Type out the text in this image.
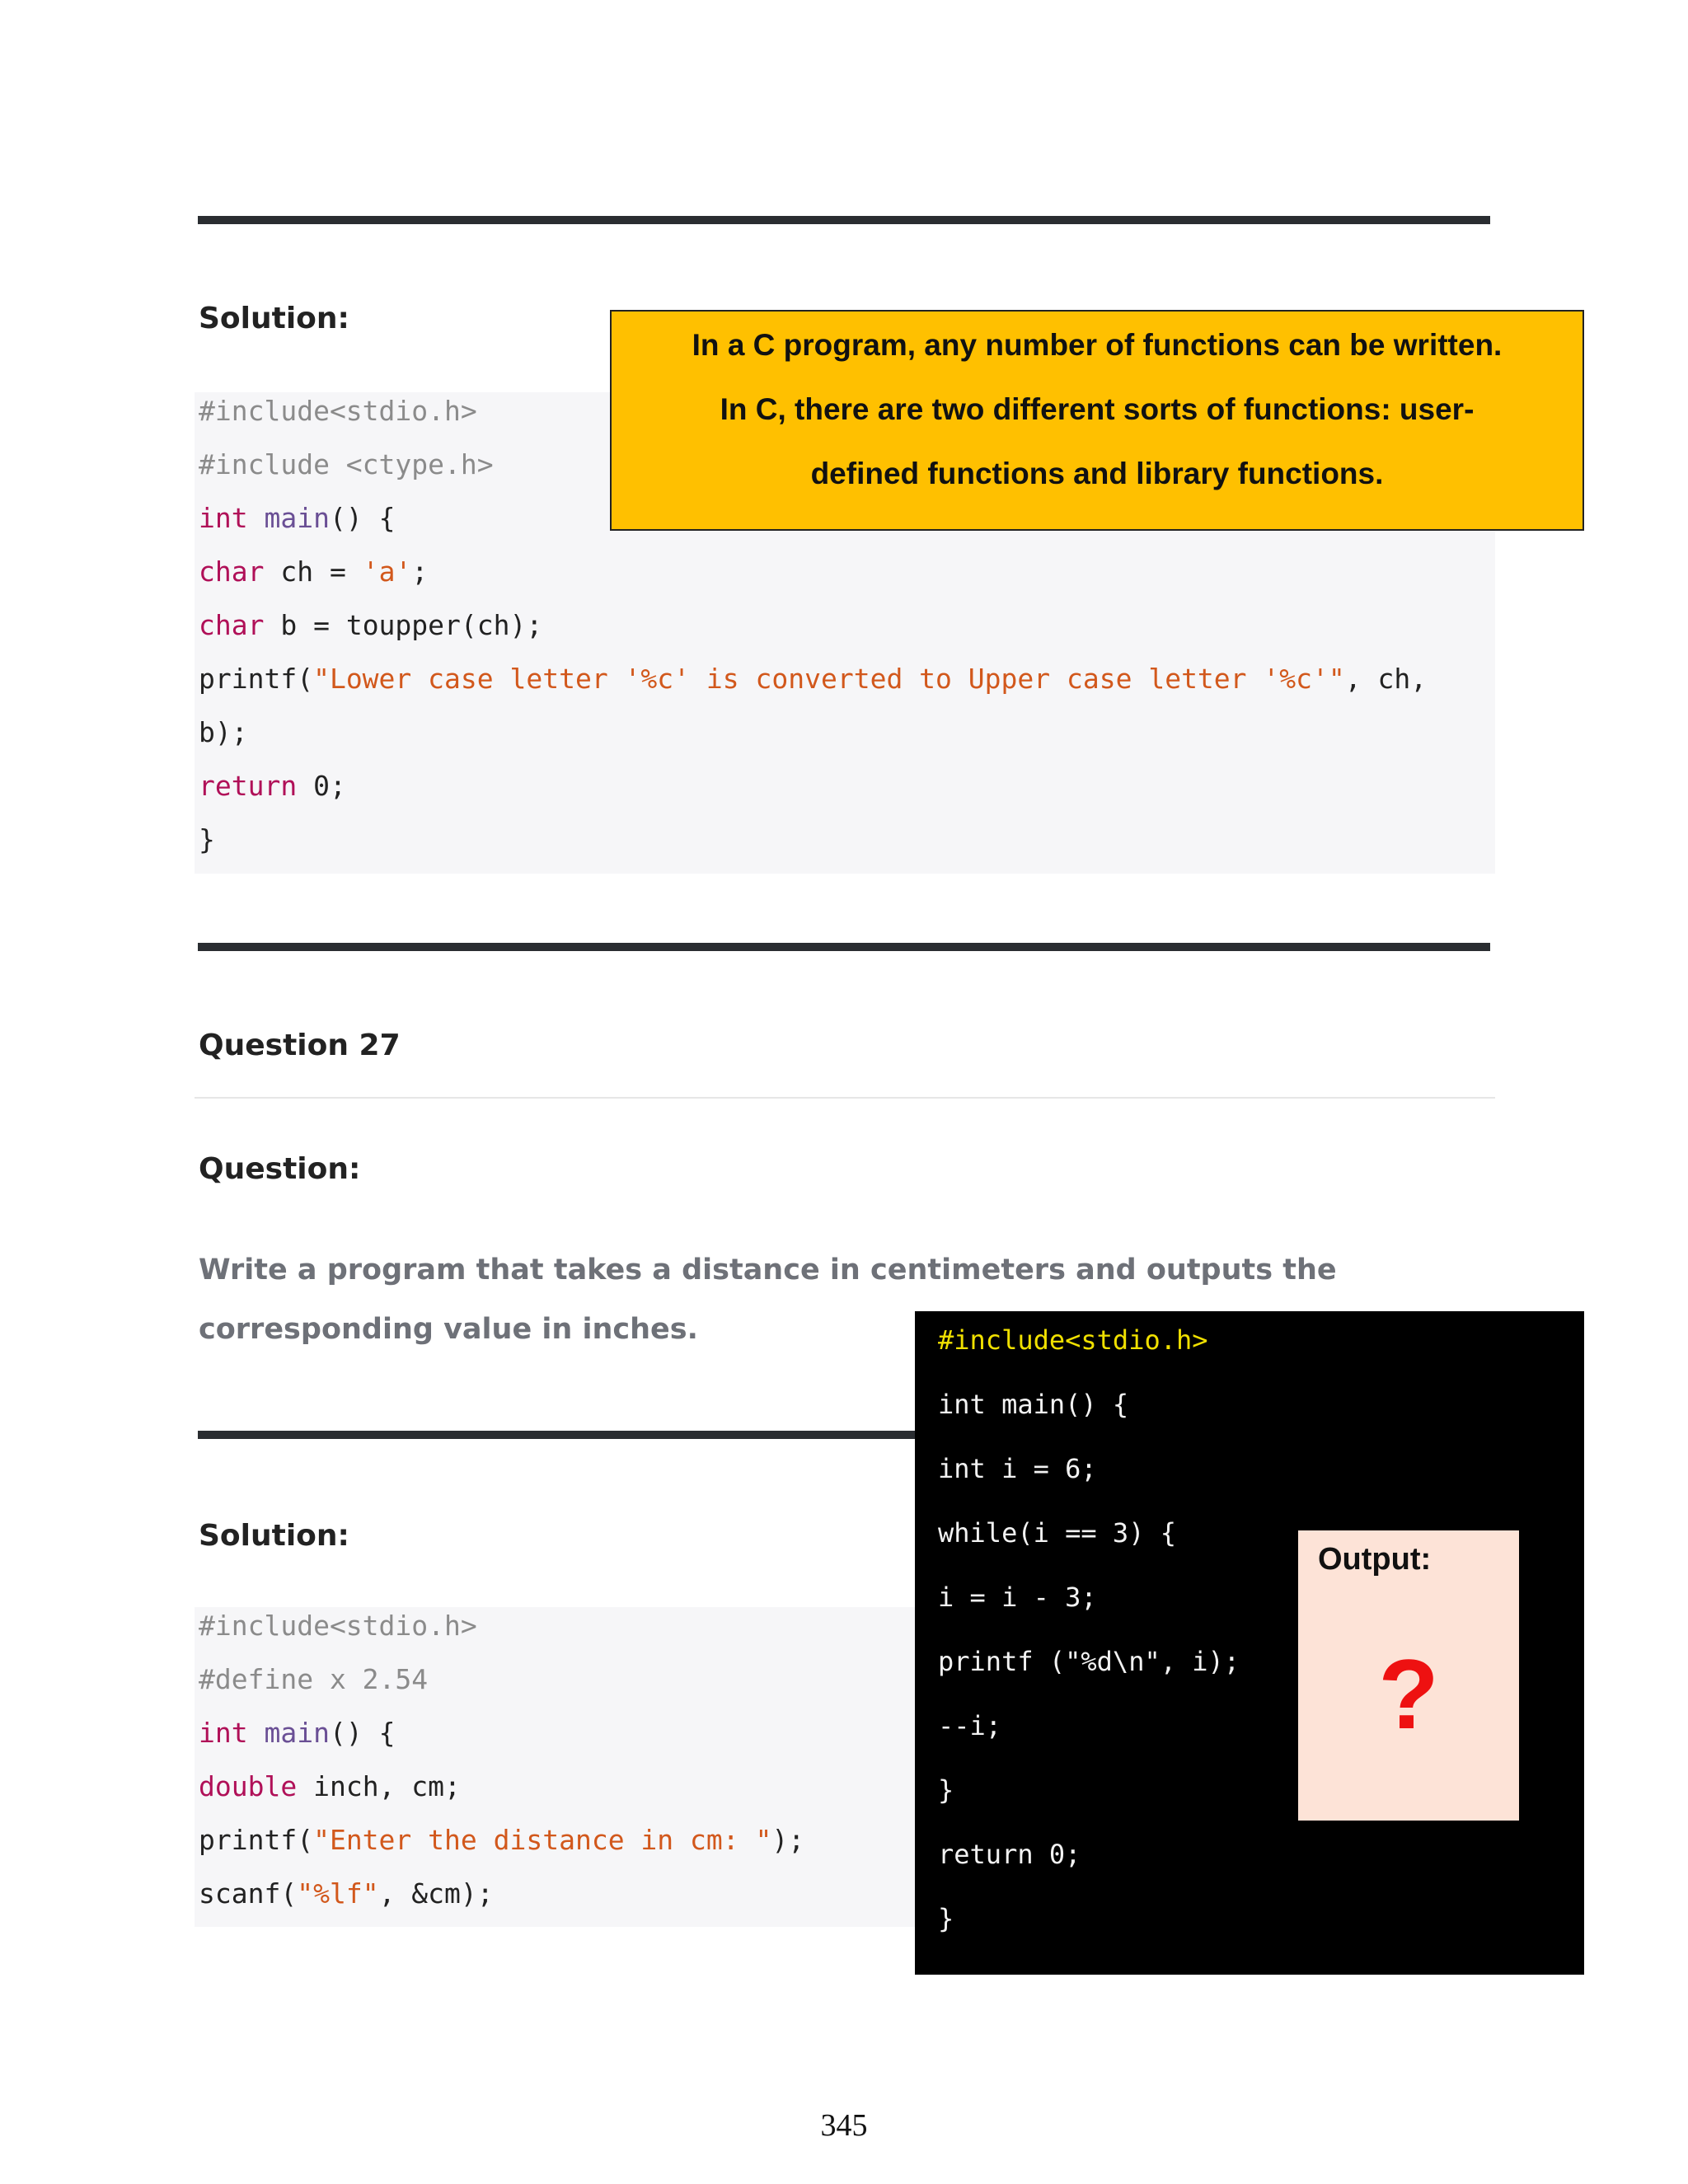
Solution:
#include<stdio.h>
#include <ctype.h>
int main() {
char ch = 'a';
char b = toupper(ch);
printf("Lower case letter '%c' is converted to Upper case letter '%c'", ch,
b);
return 0;
}
In a C program, any number of functions can be written.
In C, there are two different sorts of functions: user-
defined functions and library functions.
Question 27
Question:
Write a program that takes a distance in centimeters and outputs the corresponding value in inches.
Solution:
#include<stdio.h>
#define x 2.54
int main() {
double inch, cm;
printf("Enter the distance in cm: ");
scanf("%lf", &cm);
#include<stdio.h>
int main() {
int i = 6;
while(i == 3) {
i = i - 3;
printf ("%d\n", i);
--i;
}
return 0;
}
Output:
?
345
